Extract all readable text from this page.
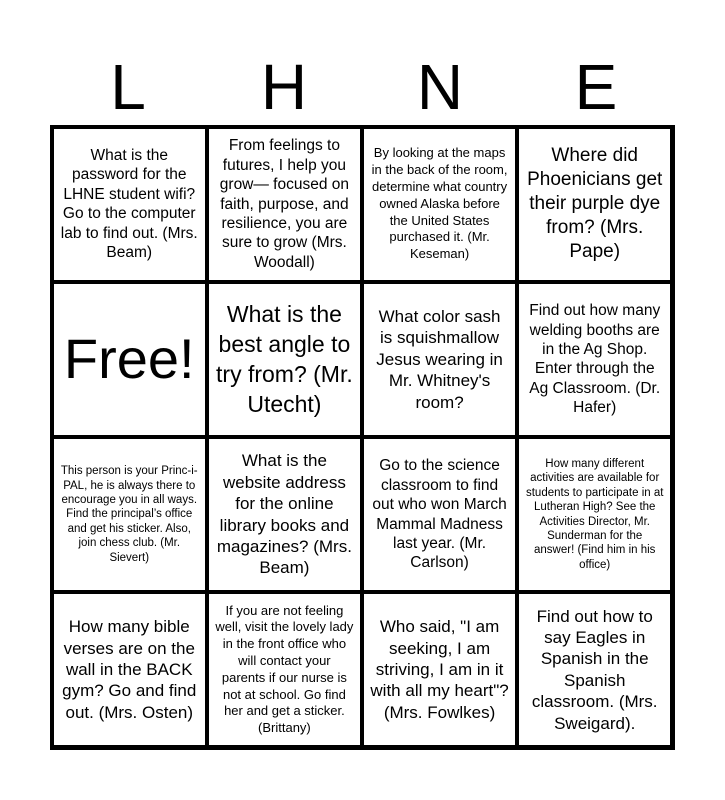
L	H	N	E
What is the password for the LHNE student wifi? Go to the computer lab to find out. (Mrs. Beam)
From feelings to futures, I help you grow— focused on faith, purpose, and resilience, you are sure to grow (Mrs. Woodall)
By looking at the maps in the back of the room, determine what country owned Alaska before the United States purchased it. (Mr. Keseman)
Where did Phoenicians get their purple dye from? (Mrs. Pape)
Free!
What is the best angle to try from? (Mr. Utecht)
What color sash is squishmallow Jesus wearing in Mr. Whitney's room?
Find out how many welding booths are in the Ag Shop. Enter through the Ag Classroom. (Dr. Hafer)
This person is your Princ-i-PAL, he is always there to encourage you in all ways. Find the principal’s office and get his sticker. Also, join chess club. (Mr. Sievert)
What is the website address for the online library books and magazines? (Mrs. Beam)
Go to the science classroom to find out who won March Mammal Madness last year. (Mr. Carlson)
How many different activities are available for students to participate in at Lutheran High? See the Activities Director, Mr. Sunderman for the answer! (Find him in his office)
How many bible verses are on the wall in the BACK gym? Go and find out. (Mrs. Osten)
If you are not feeling well, visit the lovely lady in the front office who will contact your parents if our nurse is not at school. Go find her and get a sticker. (Brittany)
Who said, "I am seeking, I am striving, I am in it with all my heart"? (Mrs. Fowlkes)
Find out how to say Eagles in Spanish in the Spanish classroom. (Mrs. Sweigard).
